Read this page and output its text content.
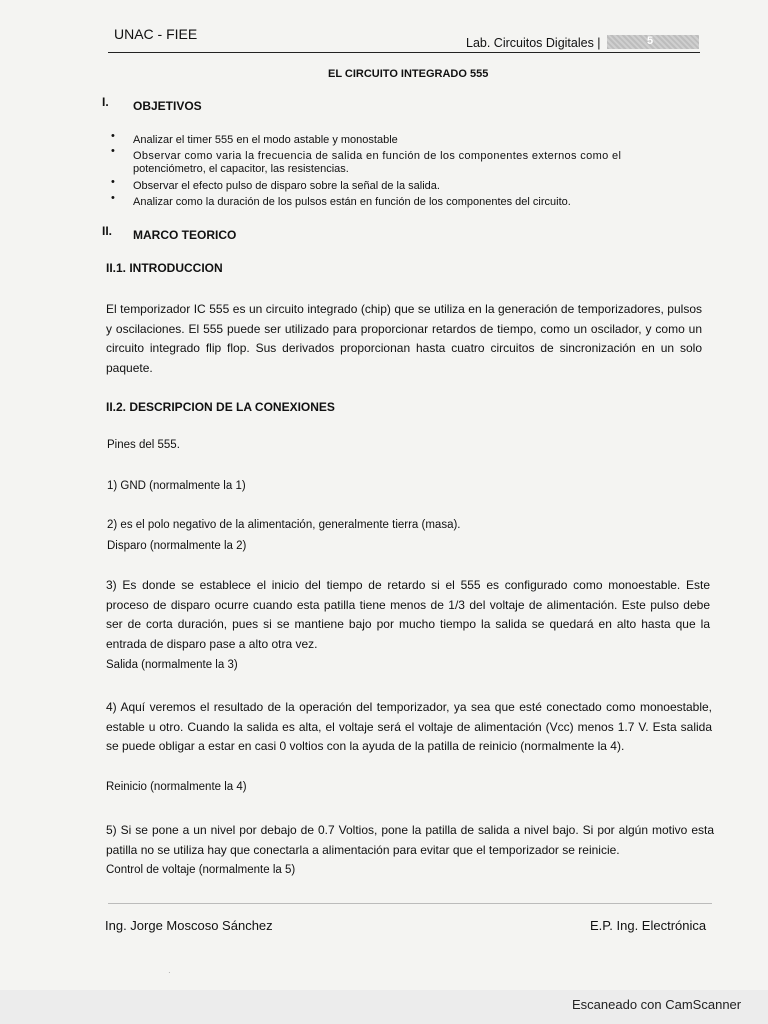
UNAC - FIEE
Lab. Circuitos Digitales |	5
EL CIRCUITO INTEGRADO 555
I. OBJETIVOS
• Analizar el timer 555 en el modo astable y monostable
• Observar como varia la frecuencia de salida en función de los componentes externos como el
potenciómetro, el capacitor, las resistencias.
• Observar el efecto pulso de disparo sobre la señal de la salida.
• Analizar como la duración de los pulsos están en función de los componentes del circuito.
II. MARCO TEORICO
II.1. INTRODUCCION
El temporizador IC 555 es un circuito integrado (chip) que se utiliza en la generación de temporizadores, pulsos y oscilaciones. El 555 puede ser utilizado para proporcionar retardos de tiempo, como un oscilador, y como un circuito integrado flip flop. Sus derivados proporcionan hasta cuatro circuitos de sincronización en un solo paquete.
II.2. DESCRIPCION DE LA CONEXIONES
Pines del 555.
1) GND (normalmente la 1)
2) es el polo negativo de la alimentación, generalmente tierra (masa).
Disparo (normalmente la 2)
3) Es donde se establece el inicio del tiempo de retardo si el 555 es configurado como monoestable. Este proceso de disparo ocurre cuando esta patilla tiene menos de 1/3 del voltaje de alimentación. Este pulso debe ser de corta duración, pues si se mantiene bajo por mucho tiempo la salida se quedará en alto hasta que la entrada de disparo pase a alto otra vez.
Salida (normalmente la 3)
4) Aquí veremos el resultado de la operación del temporizador, ya sea que esté conectado como monoestable, estable u otro. Cuando la salida es alta, el voltaje será el voltaje de alimentación (Vcc) menos 1.7 V. Esta salida se puede obligar a estar en casi 0 voltios con la ayuda de la patilla de reinicio (normalmente la 4).
Reinicio (normalmente la 4)
5) Si se pone a un nivel por debajo de 0.7 Voltios, pone la patilla de salida a nivel bajo. Si por algún motivo esta patilla no se utiliza hay que conectarla a alimentación para evitar que el temporizador se reinicie.
Control de voltaje (normalmente la 5)
Ing. Jorge Moscoso Sánchez	E.P. Ing. Electrónica
·
Escaneado con CamScanner
